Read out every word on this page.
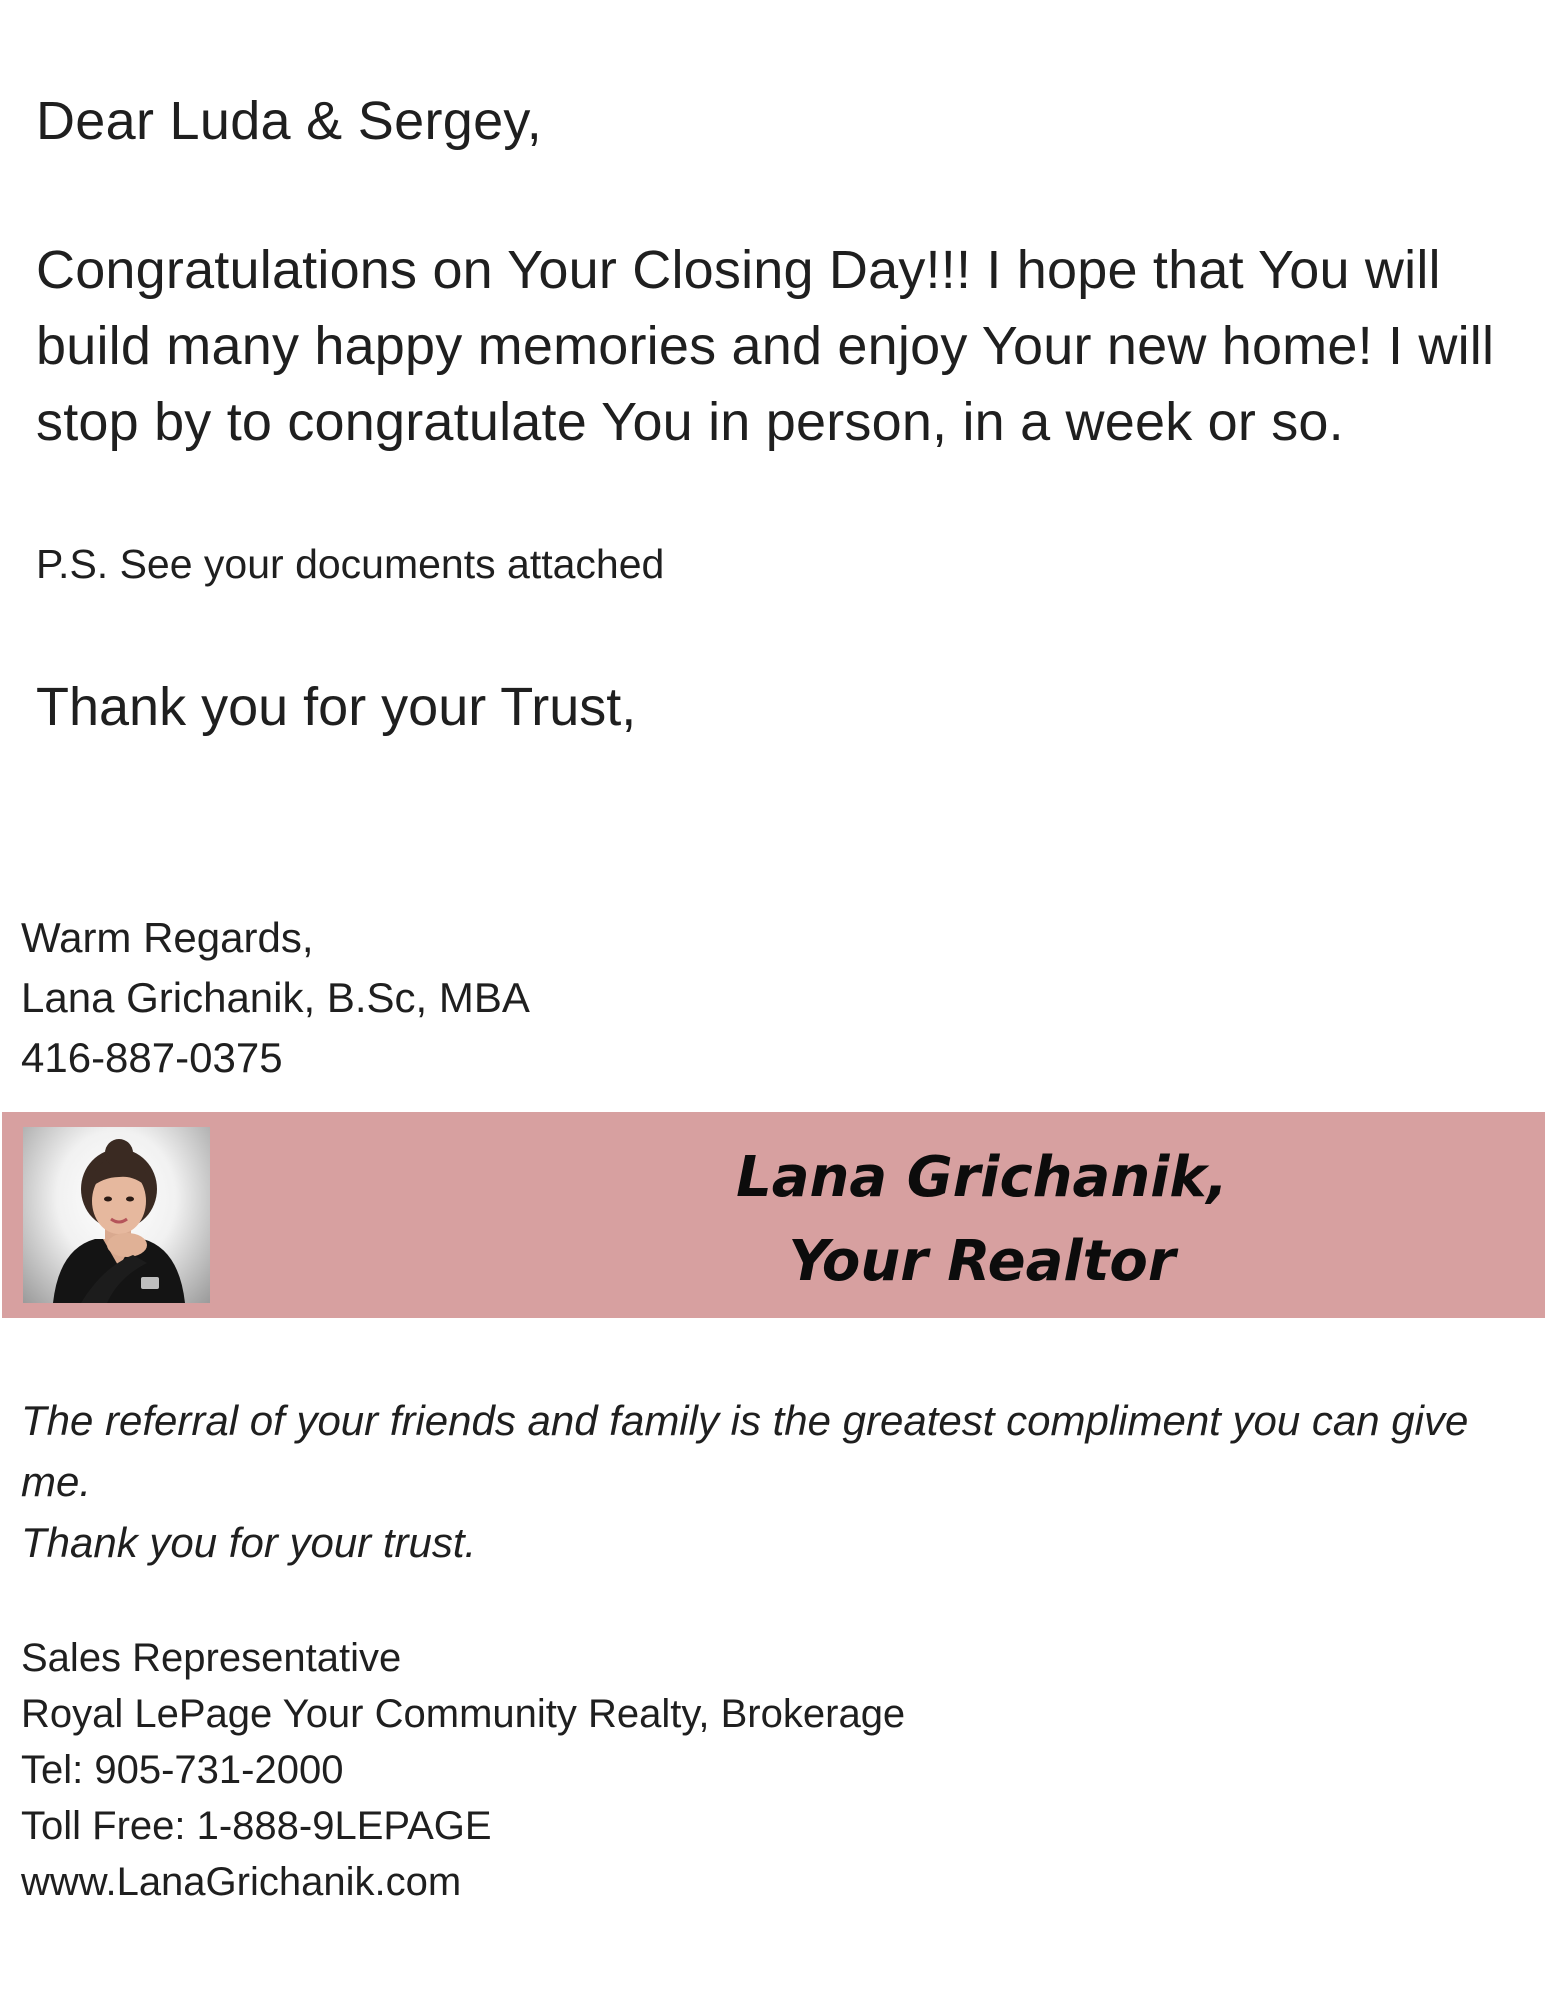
Dear Luda & Sergey,
Congratulations on Your Closing Day!!! I hope that You will build many happy memories and enjoy Your new home! I will stop by to congratulate You in person, in a week or so.
P.S. See your documents attached
Thank you for your Trust,
Warm Regards,
Lana Grichanik, B.Sc, MBA
416-887-0375
Lana Grichanik,
Your Realtor
The referral of your friends and family is the greatest compliment you can give me.
Thank you for your trust.
Sales Representative
Royal LePage Your Community Realty, Brokerage
Tel: 905-731-2000
Toll Free: 1-888-9LEPAGE
www.LanaGrichanik.com
